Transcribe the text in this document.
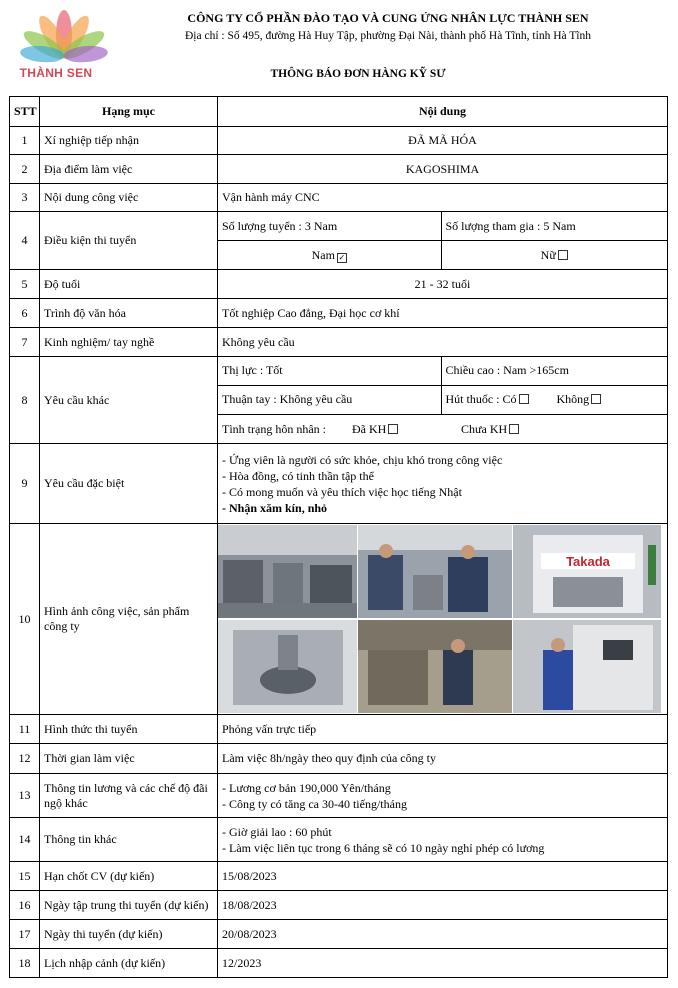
THÀNH SEN
CÔNG TY CỔ PHẦN ĐÀO TẠO VÀ CUNG ỨNG NHÂN LỰC THÀNH SEN
Địa chỉ : Số 495, đường Hà Huy Tập, phường Đại Nài, thành phố Hà Tĩnh, tỉnh Hà Tĩnh
THÔNG BÁO ĐƠN HÀNG KỸ SƯ
STT	Hạng mục	Nội dung
1	Xí nghiệp tiếp nhận	ĐÃ MÃ HÓA
2	Địa điểm làm việc	KAGOSHIMA
3	Nội dung công việc	Vận hành máy CNC
4	Điều kiện thi tuyển	
Số lượng tuyển : 3 Nam	Số lượng tham gia : 5 Nam
Nam ✓	Nữ

5	Độ tuổi	21 - 32 tuổi
6	Trình độ văn hóa	Tốt nghiệp Cao đẳng, Đại học cơ khí
7	Kinh nghiệm/ tay nghề	Không yêu cầu
8	Yêu cầu khác	
Thị lực : Tốt	Chiều cao : Nam >165cm
Thuận tay : Không yêu cầu	Hút thuốc : Có	Không
Tình trạng hôn nhân : Đã KH	Chưa KH

9	Yêu cầu đặc biệt	
- Ứng viên là người có sức khỏe, chịu khó trong công việc
- Hòa đồng, có tinh thần tập thể
- Có mong muốn và yêu thích việc học tiếng Nhật
- Nhận xăm kín, nhỏ

10	Hình ảnh công việc, sản phẩm công ty	
Takada

11	Hình thức thi tuyển	Phỏng vấn trực tiếp
12	Thời gian làm việc	Làm việc 8h/ngày theo quy định của công ty
13	Thông tin lương và các chế độ đãi ngộ khác	
- Lương cơ bản 190,000 Yên/tháng
- Công ty có tăng ca 30-40 tiếng/tháng

14	Thông tin khác	
- Giờ giải lao : 60 phút
- Làm việc liên tục trong 6 tháng sẽ có 10 ngày nghỉ phép có lương

15	Hạn chốt CV (dự kiến)	15/08/2023
16	Ngày tập trung thi tuyển (dự kiến)	18/08/2023
17	Ngày thi tuyển (dự kiến)	20/08/2023
18	Lịch nhập cảnh (dự kiến)	12/2023
